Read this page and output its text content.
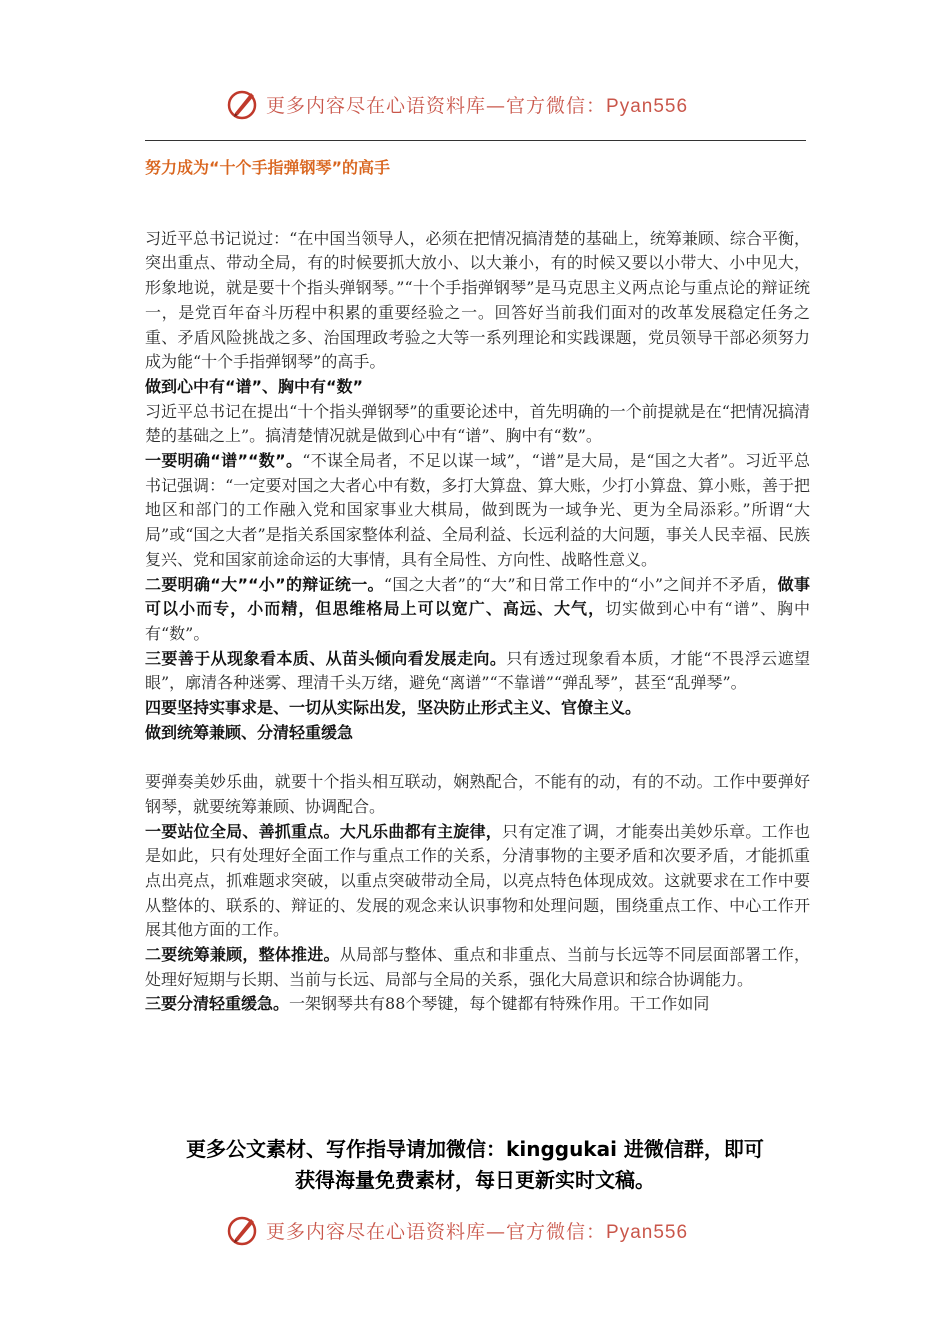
更多内容尽在心语资料库—官方微信：Pyan556
努力成为“十个手指弹钢琴”的高手

习近平总书记说过：“在中国当领导人，必须在把情况搞清楚的基础上，统筹兼顾、综合平衡，突出重点、带动全局，有的时候要抓大放小、以大兼小，有的时候又要以小带大、小中见大，形象地说，就是要十个指头弹钢琴。”“十个手指弹钢琴”是马克思主义两点论与重点论的辩证统一，是党百年奋斗历程中积累的重要经验之一。回答好当前我们面对的改革发展稳定任务之重、矛盾风险挑战之多、治国理政考验之大等一系列理论和实践课题，党员领导干部必须努力成为能“十个手指弹钢琴”的高手。

做到心中有“谱”、胸中有“数”

习近平总书记在提出“十个指头弹钢琴”的重要论述中，首先明确的一个前提就是在“把情况搞清楚的基础之上”。搞清楚情况就是做到心中有“谱”、胸中有“数”。

一要明确“谱”“数”。“不谋全局者，不足以谋一域”，“谱”是大局，是“国之大者”。习近平总书记强调：“一定要对国之大者心中有数，多打大算盘、算大账，少打小算盘、算小账，善于把地区和部门的工作融入党和国家事业大棋局，做到既为一域争光、更为全局添彩。”所谓“大局”或“国之大者”是指关系国家整体利益、全局利益、长远利益的大问题，事关人民幸福、民族复兴、党和国家前途命运的大事情，具有全局性、方向性、战略性意义。

二要明确“大”“小”的辩证统一。“国之大者”的“大”和日常工作中的“小”之间并不矛盾，做事可以小而专，小而精，但思维格局上可以宽广、高远、大气，切实做到心中有“谱”、胸中有“数”。

三要善于从现象看本质、从苗头倾向看发展走向。只有透过现象看本质，才能“不畏浮云遮望眼”，廓清各种迷雾、理清千头万绪，避免“离谱”“不靠谱”“弹乱琴”，甚至“乱弹琴”。

四要坚持实事求是、一切从实际出发，坚决防止形式主义、官僚主义。

做到统筹兼顾、分清轻重缓急

要弹奏美妙乐曲，就要十个指头相互联动，娴熟配合，不能有的动，有的不动。工作中要弹好钢琴，就要统筹兼顾、协调配合。

一要站位全局、善抓重点。大凡乐曲都有主旋律，只有定准了调，才能奏出美妙乐章。工作也是如此，只有处理好全面工作与重点工作的关系，分清事物的主要矛盾和次要矛盾，才能抓重点出亮点，抓难题求突破，以重点突破带动全局，以亮点特色体现成效。这就要求在工作中要从整体的、联系的、辩证的、发展的观念来认识事物和处理问题，围绕重点工作、中心工作开展其他方面的工作。

二要统筹兼顾，整体推进。从局部与整体、重点和非重点、当前与长远等不同层面部署工作，处理好短期与长期、当前与长远、局部与全局的关系，强化大局意识和综合协调能力。

三要分清轻重缓急。一架钢琴共有88个琴键，每个键都有特殊作用。干工作如同

更多公文素材、写作指导请加微信：kinggukai 进微信群，即可
获得海量免费素材，每日更新实时文稿。
更多内容尽在心语资料库—官方微信：Pyan556
